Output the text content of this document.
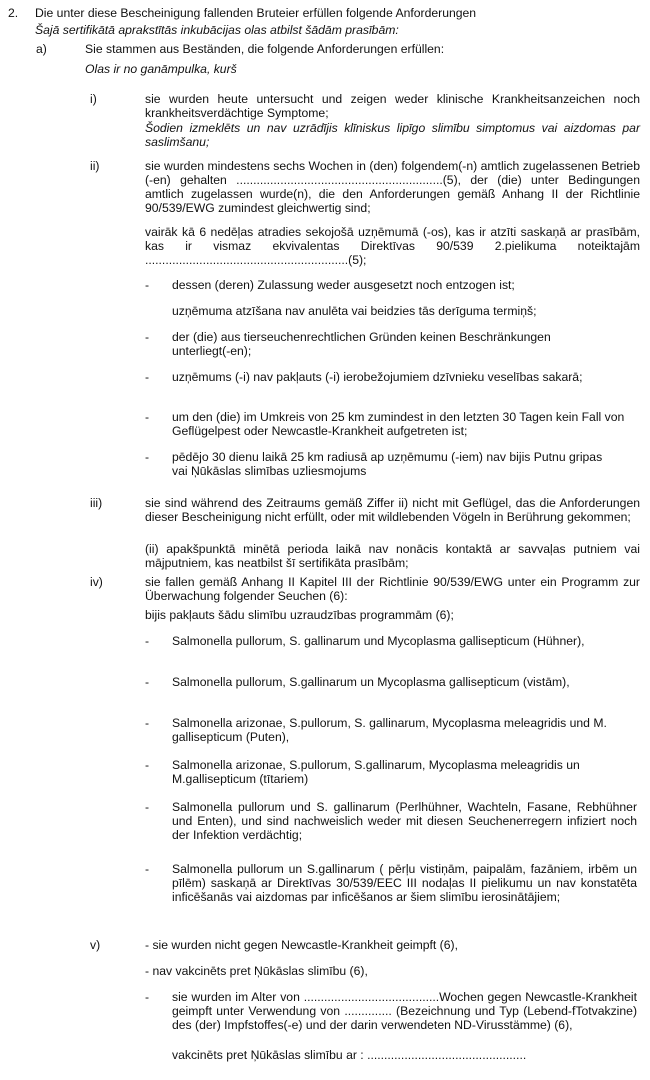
2. Die unter diese Bescheinigung fallenden Bruteier erfüllen folgende Anforderungen
Šajā sertifikātā aprakstītās inkubācijas olas atbilst šādām prasībām:
a)	Sie stammen aus Beständen, die folgende Anforderungen erfüllen:
Olas ir no ganāmpulka, kurš
i)	sie wurden heute untersucht und zeigen weder klinische Krankheitsanzeichen noch krankheitsverdächtige Symptome;
Šodien izmeklēts un nav uzrādījis klīniskus lipīgo slimību simptomus vai aizdomas par saslimšanu;
ii)	sie wurden mindestens sechs Wochen in (den) folgendem(-n) amtlich zugelassenen Betrieb (-en) gehalten .............................................................(5), der (die) unter Bedingungen amtlich zugelassen wurde(n), die den Anforderungen gemäß Anhang II der Richtlinie 90/539/EWG zumindest gleichwertig sind;
vairāk kā 6 nedēļas atradies sekojošā uzņēmumā (-os), kas ir atzīti saskaņā ar prasībām, kas ir vismaz ekvivalentas Direktīvas 90/539 2.pielikuma noteiktajām ............................................................(5);
- dessen (deren) Zulassung weder ausgesetzt noch entzogen ist;
uzņēmuma atzīšana nav anulēta vai beidzies tās derīguma termiņš;
- der (die) aus tierseuchenrechtlichen Gründen keinen Beschränkungen unterliegt(-en);
- uzņēmums (-i) nav pakļauts (-i) ierobežojumiem dzīvnieku veselības sakarā;
- um den (die) im Umkreis von 25 km zumindest in den letzten 30 Tagen kein Fall von Geflügelpest oder Newcastle-Krankheit aufgetreten ist;
- pēdējo 30 dienu laikā 25 km radiusā ap uzņēmumu (-iem) nav bijis Putnu gripas vai Ņūkāslas slimības uzliesmojums
iii)	sie sind während des Zeitraums gemäß Ziffer ii) nicht mit Geflügel, das die Anforderungen dieser Bescheinigung nicht erfüllt, oder mit wildlebenden Vögeln in Berührung gekommen;
(ii) apakšpunktā minētā perioda laikā nav nonācis kontaktā ar savvaļas putniem vai mājputniem, kas neatbilst šī sertifikāta prasībām;
iv)	sie fallen gemäß Anhang II Kapitel III der Richtlinie 90/539/EWG unter ein Programm zur Überwachung folgender Seuchen (6):
bijis pakļauts šādu slimību uzraudzības programmām (6);
- Salmonella pullorum, S. gallinarum und Mycoplasma gallisepticum (Hühner),
- Salmonella pullorum, S.gallinarum un Mycoplasma gallisepticum (vistām),
- Salmonella arizonae, S.pullorum, S. gallinarum, Mycoplasma meleagridis und M. gallisepticum (Puten),
- Salmonella arizonae, S.pullorum, S.gallinarum, Mycoplasma meleagridis un M.gallisepticum (tītariem)
- Salmonella pullorum und S. gallinarum (Perlhühner, Wachteln, Fasane, Rebhühner und Enten), und sind nachweislich weder mit diesen Seuchenerregern infiziert noch der Infektion verdächtig;
- Salmonella pullorum un S.gallinarum ( pērļu vistiņām, paipalām, fazāniem, irbēm un pīlēm) saskaņā ar Direktīvas 30/539/EEC III nodaļas II pielikumu un nav konstatēta inficēšanās vai aizdomas par inficēšanos ar šiem slimību ierosinātājiem;
v)	- sie wurden nicht gegen Newcastle-Krankheit geimpft (6),
- nav vakcinēts pret Ņūkāslas slimību (6),
- sie wurden im Alter von ........................................Wochen gegen Newcastle-Krankheit geimpft unter Verwendung von .............. (Bezeichnung und Typ (Lebend-fTotvakzine) des (der) Impfstoffes(-e) und der darin verwendeten ND-Virusstämme) (6),
vakcinēts pret Ņūkāslas slimību ar : ...............................................
